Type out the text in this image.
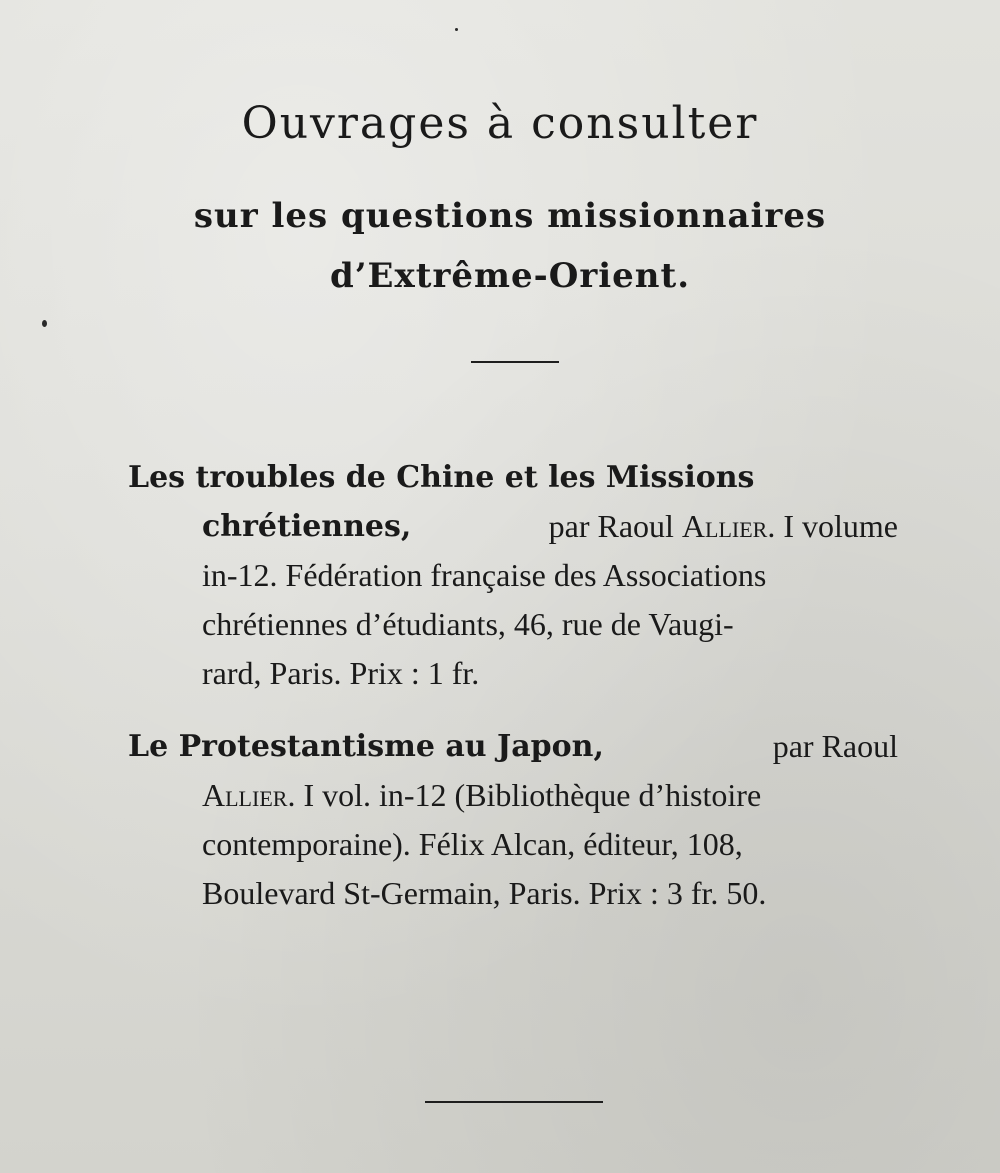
Ouvrages à consulter
sur les questions missionnaires
d’Extrême-Orient.
Les troubles de Chine et les Missions
chrétiennes,	par Raoul Allier. I volume
in-12. Fédération française des Associations
chrétiennes d’étudiants, 46, rue de Vaugi-
rard, Paris. Prix : 1 fr.
Le Protestantisme au Japon,	par Raoul
Allier. I vol. in-12 (Bibliothèque d’histoire
contemporaine). Félix Alcan, éditeur, 108,
Boulevard St-Germain, Paris. Prix : 3 fr. 50.
